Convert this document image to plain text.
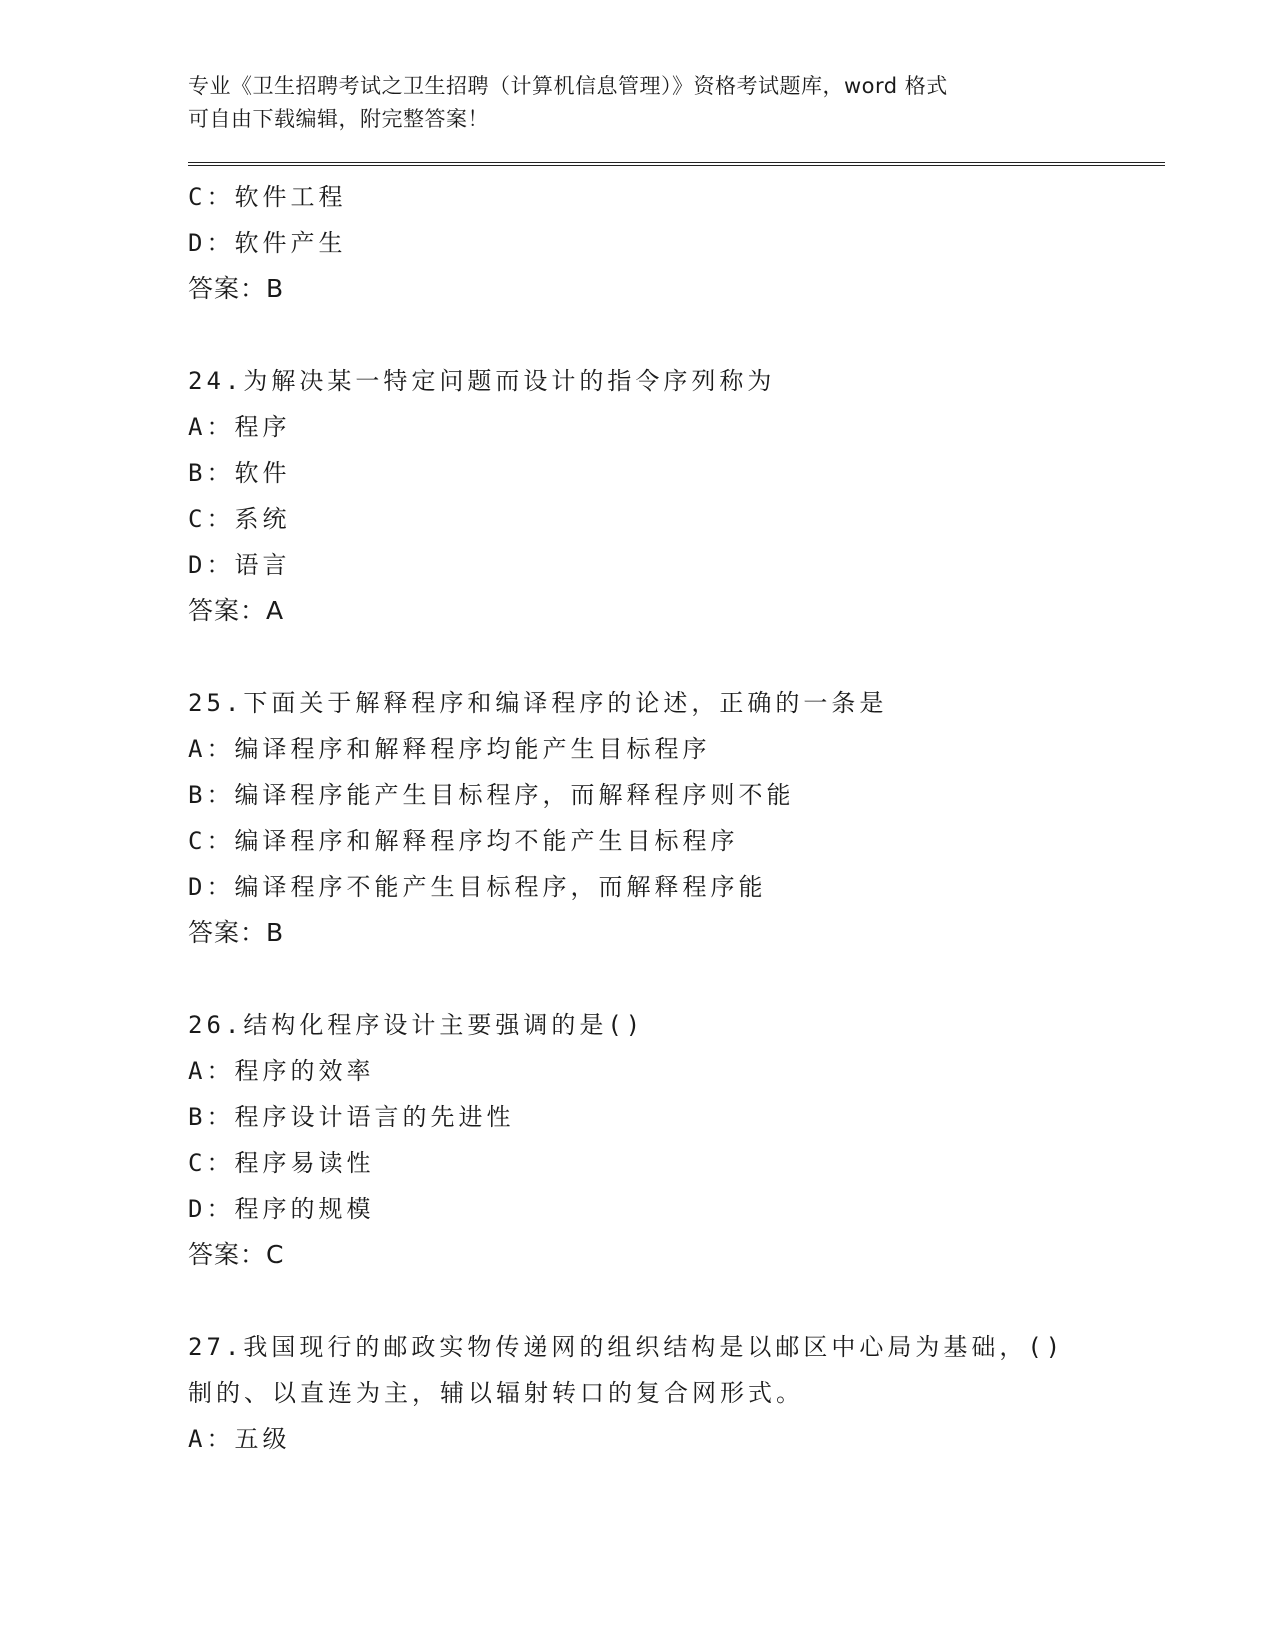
专业《卫生招聘考试之卫生招聘（计算机信息管理）》资格考试题库，word 格式
可自由下载编辑，附完整答案！
C：软件工程
D：软件产生
答案：B
24.为解决某一特定问题而设计的指令序列称为
A：程序
B：软件
C：系统
D：语言
答案：A
25.下面关于解释程序和编译程序的论述，正确的一条是
A：编译程序和解释程序均能产生目标程序
B：编译程序能产生目标程序，而解释程序则不能
C：编译程序和解释程序均不能产生目标程序
D：编译程序不能产生目标程序，而解释程序能
答案：B
26.结构化程序设计主要强调的是()
A：程序的效率
B：程序设计语言的先进性
C：程序易读性
D：程序的规模
答案：C
27.我国现行的邮政实物传递网的组织结构是以邮区中心局为基础，()
制的、以直连为主，辅以辐射转口的复合网形式。
A：五级
